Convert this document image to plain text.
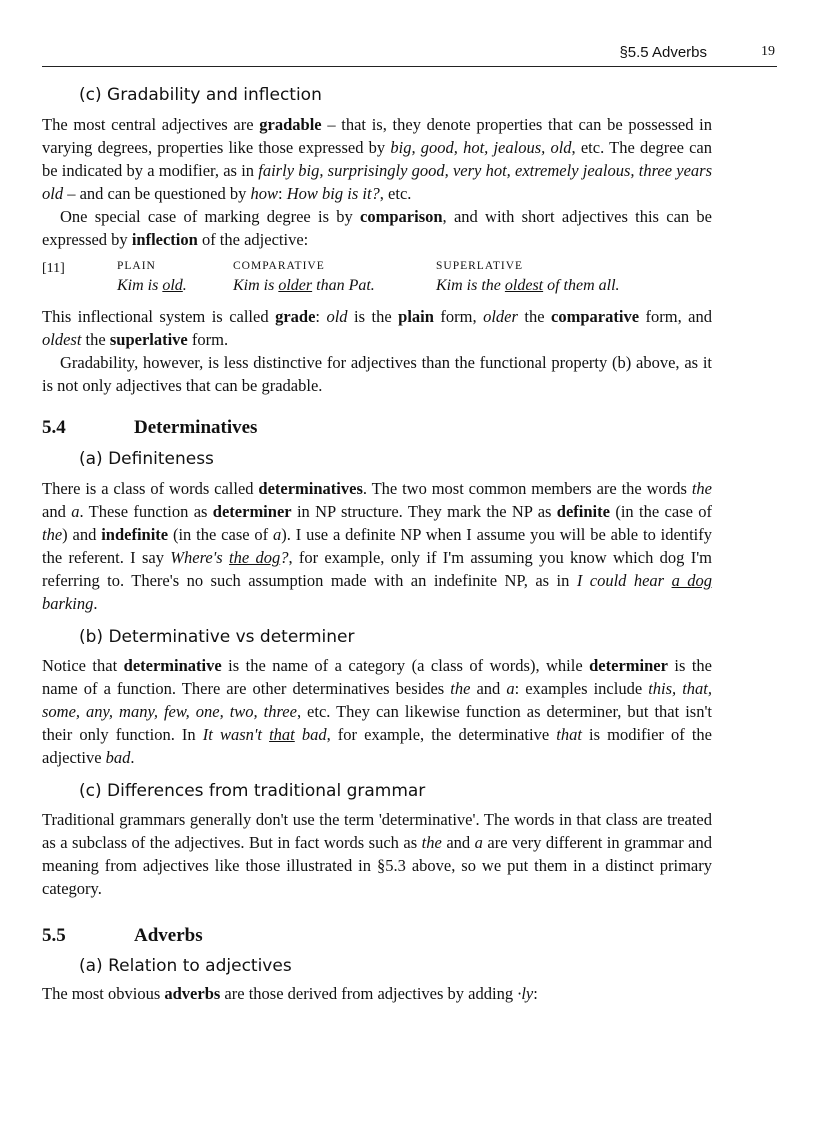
§5.5 Adverbs	19
(c) Gradability and inflection

The most central adjectives are gradable – that is, they denote properties that can be possessed in varying degrees, properties like those expressed by big, good, hot, jealous, old, etc. The degree can be indicated by a modifier, as in fairly big, surprisingly good, very hot, extremely jealous, three years old – and can be questioned by how: How big is it?, etc.

One special case of marking degree is by comparison, and with short adjectives this can be expressed by inflection of the adjective:

[11]	PLAIN	COMPARATIVE	SUPERLATIVE
	Kim is old.	Kim is older than Pat.	Kim is the oldest of them all.

This inflectional system is called grade: old is the plain form, older the comparative form, and oldest the superlative form.

Gradability, however, is less distinctive for adjectives than the functional property (b) above, as it is not only adjectives that can be gradable.

5.4	Determinatives
(a) Definiteness

There is a class of words called determinatives. The two most common members are the words the and a. These function as determiner in NP structure. They mark the NP as definite (in the case of the) and indefinite (in the case of a). I use a definite NP when I assume you will be able to identify the referent. I say Where's the dog?, for example, only if I'm assuming you know which dog I'm referring to. There's no such assumption made with an indefinite NP, as in I could hear a dog barking.

(b) Determinative vs determiner

Notice that determinative is the name of a category (a class of words), while determiner is the name of a function. There are other determinatives besides the and a: examples include this, that, some, any, many, few, one, two, three, etc. They can likewise function as determiner, but that isn't their only function. In It wasn't that bad, for example, the determinative that is modifier of the adjective bad.

(c) Differences from traditional grammar

Traditional grammars generally don't use the term 'determinative'. The words in that class are treated as a subclass of the adjectives. But in fact words such as the and a are very different in grammar and meaning from adjectives like those illustrated in §5.3 above, so we put them in a distinct primary category.

5.5	Adverbs
(a) Relation to adjectives

The most obvious adverbs are those derived from adjectives by adding ·ly:
